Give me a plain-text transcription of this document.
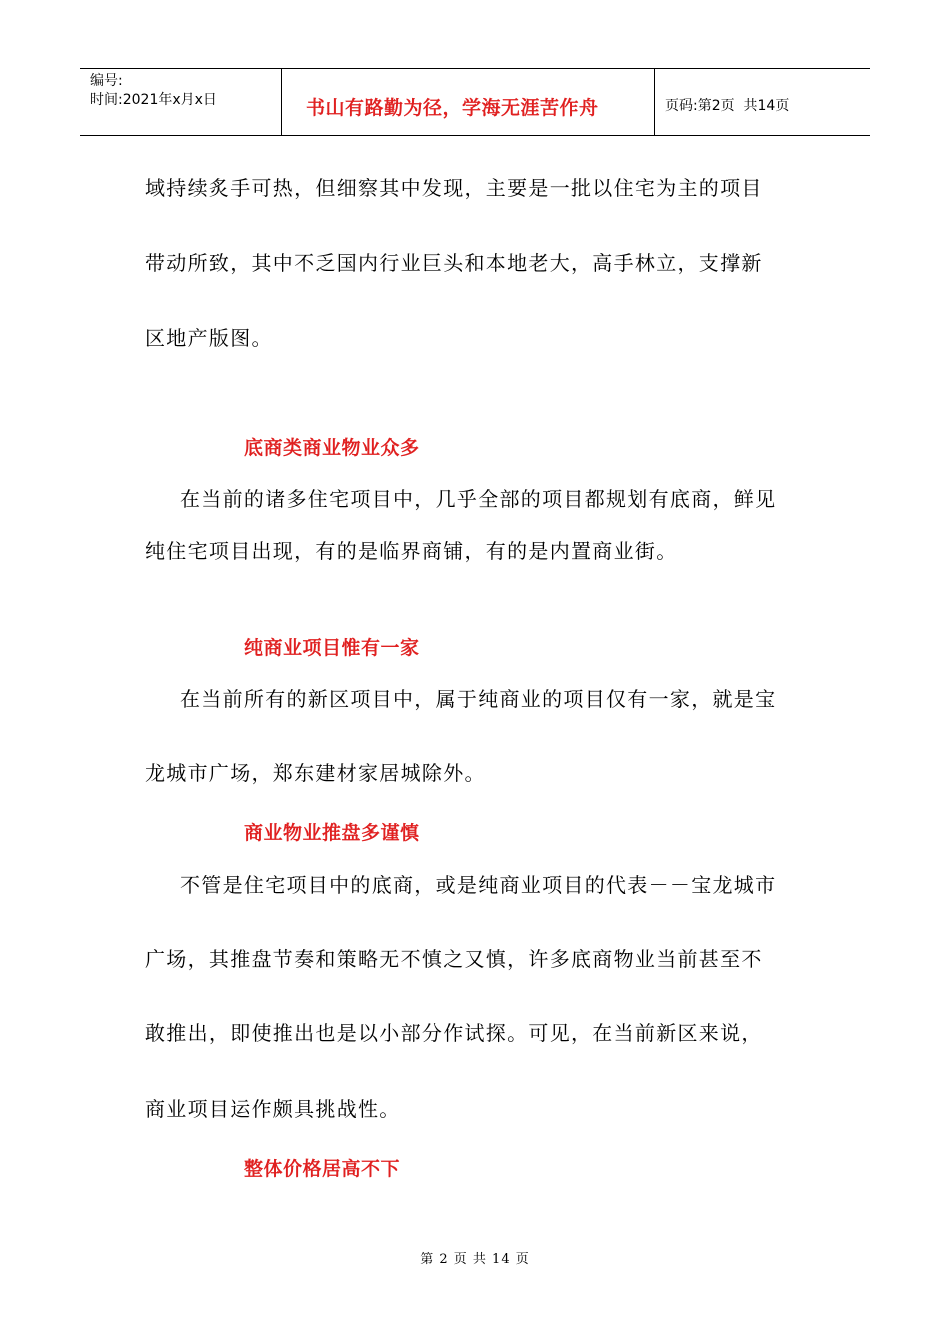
编号:
时间:2021年x月x日	书山有路勤为径，学海无涯苦作舟	页码:第2页  共14页
域持续炙手可热，但细察其中发现，主要是一批以住宅为主的项目
带动所致，其中不乏国内行业巨头和本地老大，高手林立，支撑新
区地产版图。
底商类商业物业众多
在当前的诸多住宅项目中，几乎全部的项目都规划有底商，鲜见
纯住宅项目出现，有的是临界商铺，有的是内置商业街。
纯商业项目惟有一家
在当前所有的新区项目中，属于纯商业的项目仅有一家，就是宝
龙城市广场，郑东建材家居城除外。
商业物业推盘多谨慎
不管是住宅项目中的底商，或是纯商业项目的代表－－宝龙城市
广场，其推盘节奏和策略无不慎之又慎，许多底商物业当前甚至不
敢推出，即使推出也是以小部分作试探。可见，在当前新区来说，
商业项目运作颇具挑战性。
整体价格居高不下
第 2 页 共 14 页
